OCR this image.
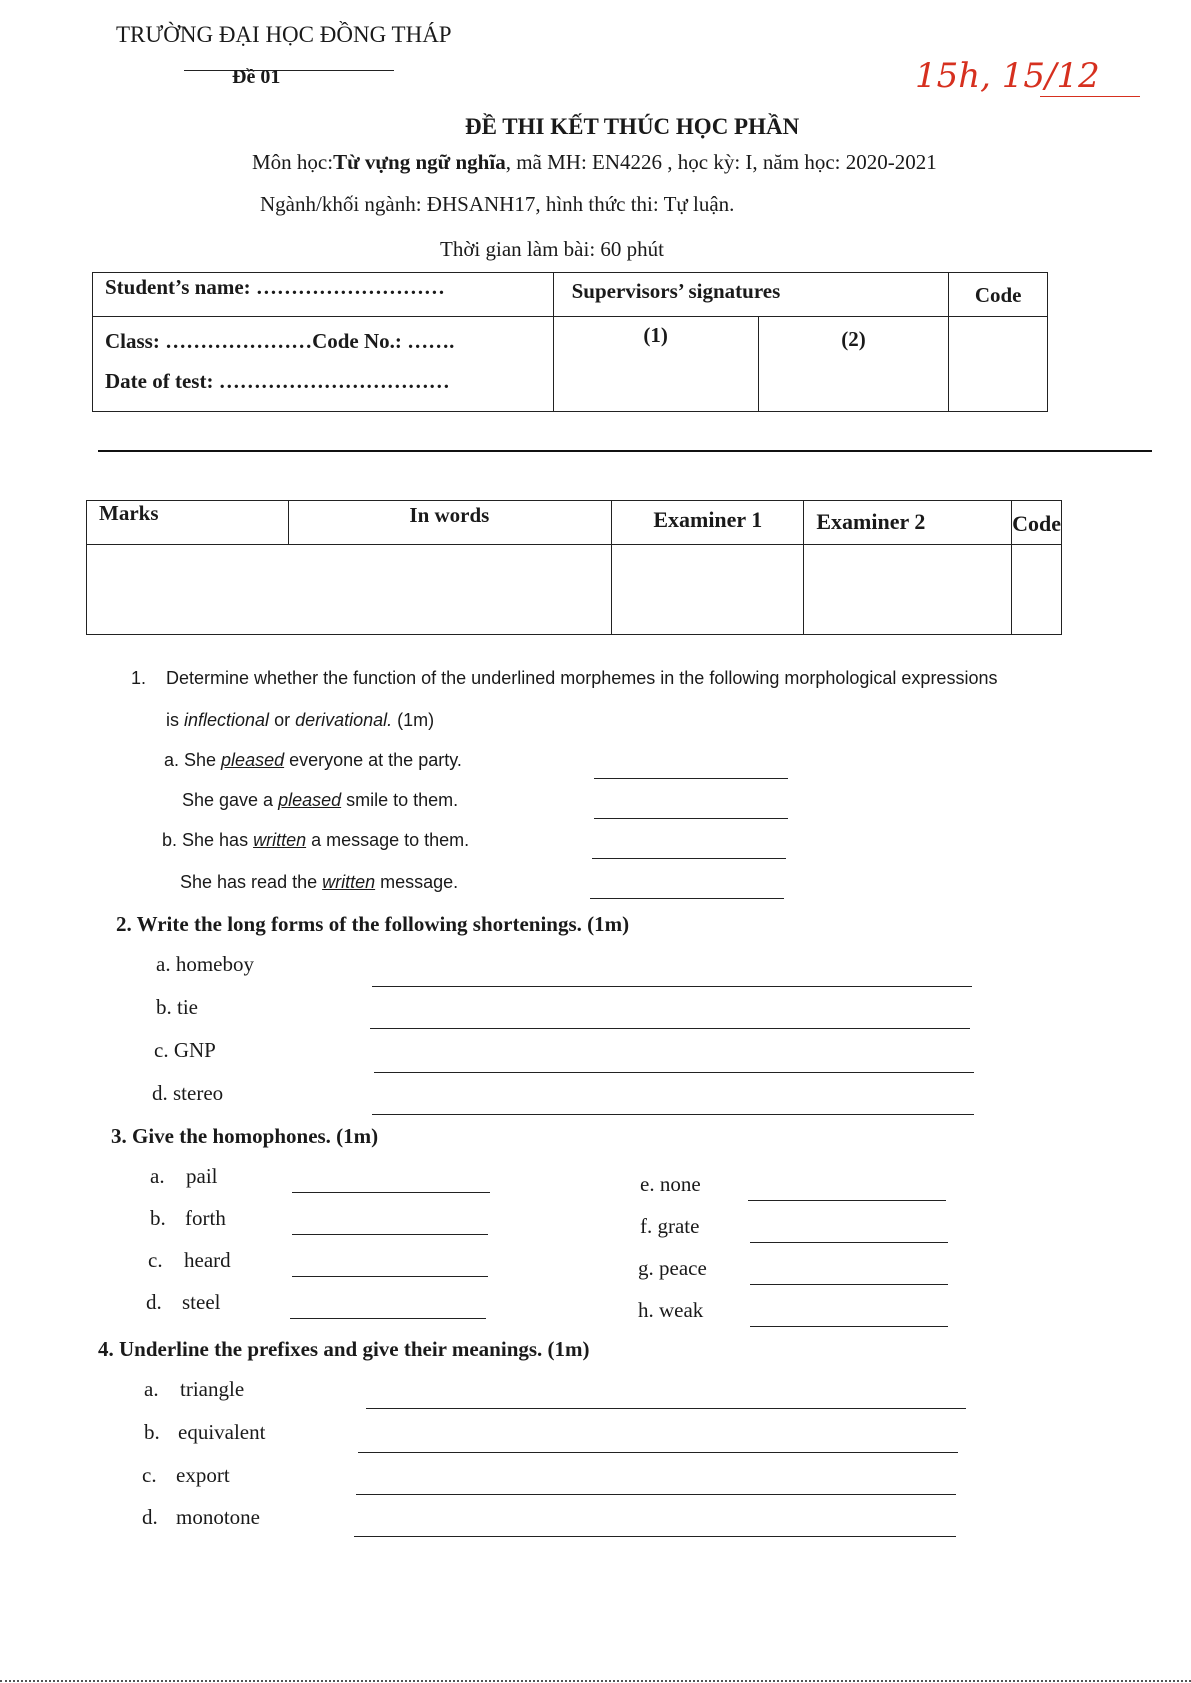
TRƯỜNG ĐẠI HỌC ĐỒNG THÁP
Đề 01	15h, 15/12
ĐỀ THI KẾT THÚC HỌC PHẦN
Môn học:Từ vựng ngữ nghĩa, mã MH: EN4226 , học kỳ: I, năm học: 2020-2021
Ngành/khối ngành: ĐHSANH17, hình thức thi: Tự luận.
Thời gian làm bài: 60 phút
Student’s name: ………………………	Supervisors’ signatures		Code

Class: …………………Code No.: …….
Date of test: ……………………………	(1)	(2)	
Marks	In words	Examiner 1	Examiner 2	Code

1. Determine whether the function of the underlined morphemes in the following morphological expressions
is inflectional or derivational. (1m)
a. She pleased everyone at the party.
She gave a pleased smile to them.
b. She has written a message to them.
She has read the written message.
2. Write the long forms of the following shortenings. (1m)
a. homeboy
b. tie
c. GNP
d. stereo
3. Give the homophones. (1m)
a. pail
b. forth
c. heard
d. steel
e. none
f. grate
g. peace
h. weak
4. Underline the prefixes and give their meanings. (1m)
a. triangle
b. equivalent
c. export
d. monotone
